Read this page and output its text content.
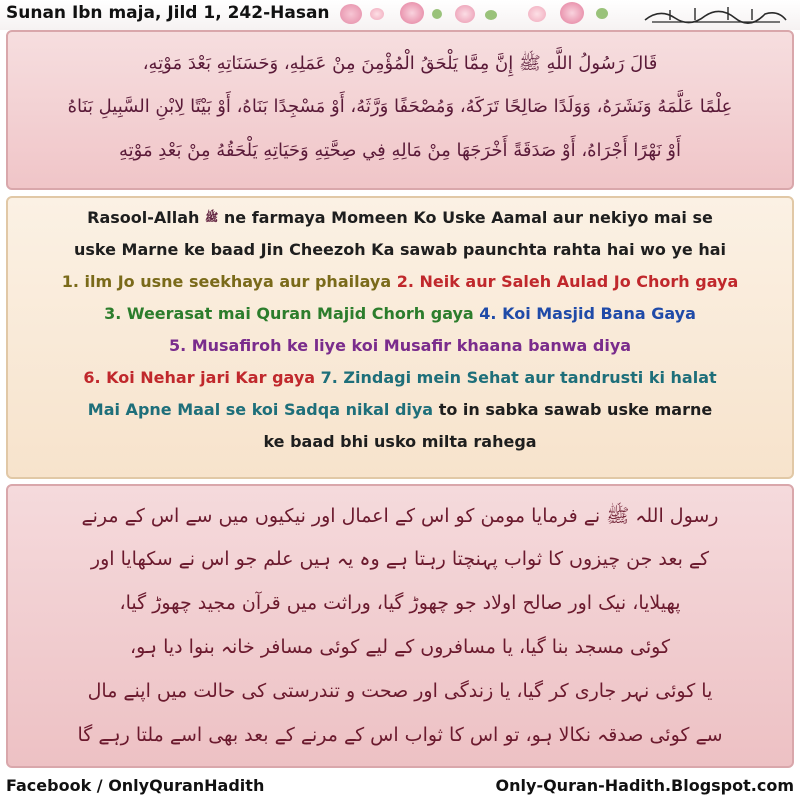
Sunan Ibn maja, Jild 1, 242-Hasan
قَالَ رَسُولُ اللَّهِ ﷺ إِنَّ مِمَّا يَلْحَقُ الْمُؤْمِنَ مِنْ عَمَلِهِ، وَحَسَنَاتِهِ بَعْدَ مَوْتِهِ،
عِلْمًا عَلَّمَهُ وَنَشَرَهُ، وَوَلَدًا صَالِحًا تَرَكَهُ، وَمُصْحَفًا وَرَّثَهُ، أَوْ مَسْجِدًا بَنَاهُ، أَوْ بَيْتًا لِابْنِ السَّبِيلِ بَنَاهُ
أَوْ نَهْرًا أَجْرَاهُ، أَوْ صَدَقَةً أَخْرَجَهَا مِنْ مَالِهِ فِي صِحَّتِهِ وَحَيَاتِهِ يَلْحَقُهُ مِنْ بَعْدِ مَوْتِهِ
Rasool-Allah ﷺ ne farmaya Momeen Ko Uske Aamal aur nekiyo mai se
uske Marne ke baad Jin Cheezoh Ka sawab paunchta rahta hai wo ye hai
1. ilm Jo usne seekhaya aur phailaya 2. Neik aur Saleh Aulad Jo Chorh gaya
3. Weerasat mai Quran Majid Chorh gaya 4. Koi Masjid Bana Gaya
5. Musafiroh ke liye koi Musafir khaana banwa diya
6. Koi Nehar jari Kar gaya 7. Zindagi mein Sehat aur tandrusti ki halat
Mai Apne Maal se koi Sadqa nikal diya to in sabka sawab uske marne
ke baad bhi usko milta rahega
رسول اللہ ﷺ نے فرمایا مومن کو اس کے اعمال اور نیکیوں میں سے اس کے مرنے
کے بعد جن چیزوں کا ثواب پہنچتا رہتا ہے وہ یہ ہیں علم جو اس نے سکھایا اور
پھیلایا، نیک اور صالح اولاد جو چھوڑ گیا، وراثت میں قرآن مجید چھوڑ گیا،
کوئی مسجد بنا گیا، یا مسافروں کے لیے کوئی مسافر خانہ بنوا دیا ہو،
یا کوئی نہر جاری کر گیا، یا زندگی اور صحت و تندرستی کی حالت میں اپنے مال
سے کوئی صدقہ نکالا ہو، تو اس کا ثواب اس کے مرنے کے بعد بھی اسے ملتا رہے گا
Facebook / OnlyQuranHadith	Only-Quran-Hadith.Blogspot.com
